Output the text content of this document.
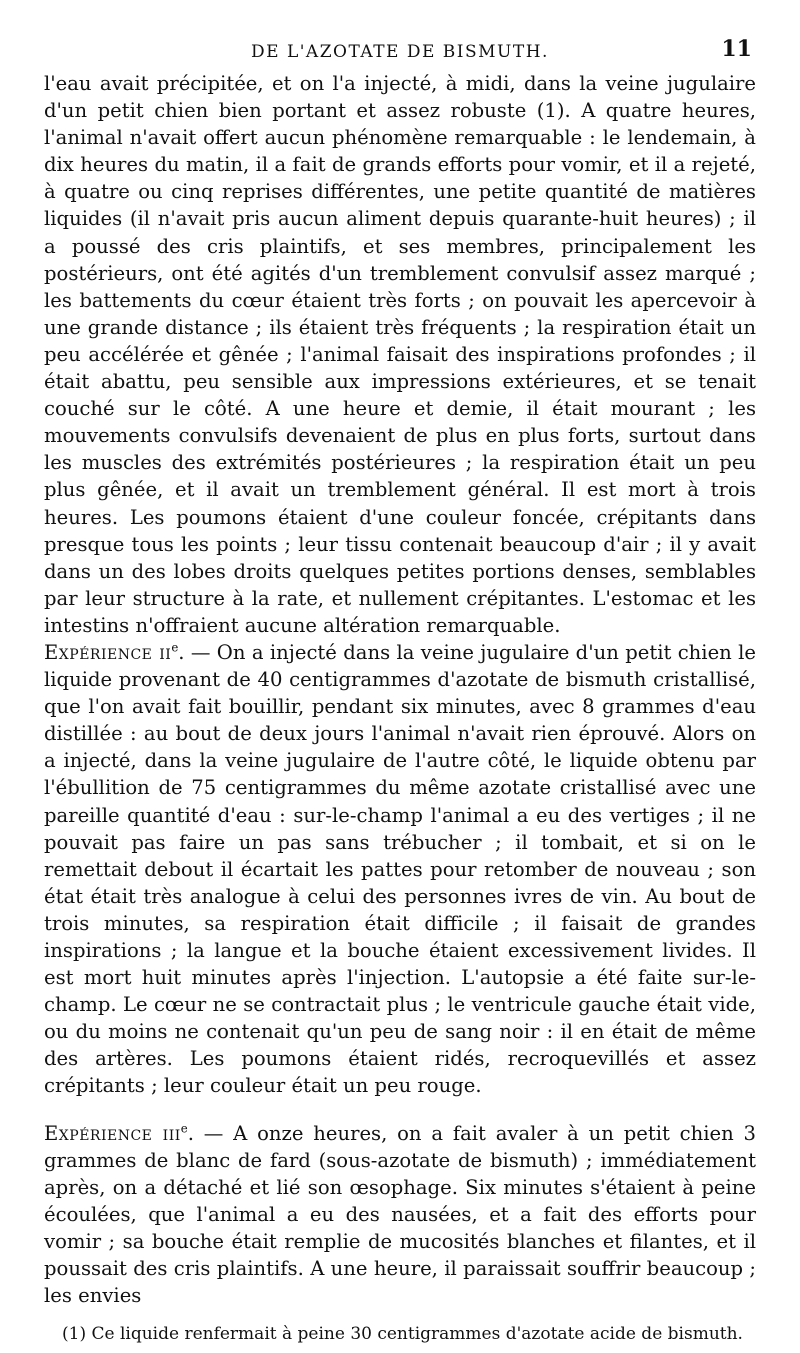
DE L'AZOTATE DE BISMUTH.	11

l'eau avait précipitée, et on l'a injecté, à midi, dans la veine jugulaire d'un petit chien bien portant et assez robuste (1). A quatre heures, l'animal n'avait offert aucun phénomène remarquable : le lendemain, à dix heures du matin, il a fait de grands efforts pour vomir, et il a rejeté, à quatre ou cinq reprises différentes, une petite quantité de matières liquides (il n'avait pris aucun aliment depuis quarante-huit heures) ; il a poussé des cris plaintifs, et ses membres, principalement les postérieurs, ont été agités d'un tremblement convulsif assez marqué ; les battements du cœur étaient très forts ; on pouvait les apercevoir à une grande distance ; ils étaient très fréquents ; la respiration était un peu accélérée et gênée ; l'animal faisait des inspirations profondes ; il était abattu, peu sensible aux impressions extérieures, et se tenait couché sur le côté. A une heure et demie, il était mourant ; les mouvements convulsifs devenaient de plus en plus forts, surtout dans les muscles des extrémités postérieures ; la respiration était un peu plus gênée, et il avait un tremblement général. Il est mort à trois heures. Les poumons étaient d'une couleur foncée, crépitants dans presque tous les points ; leur tissu contenait beaucoup d'air ; il y avait dans un des lobes droits quelques petites portions denses, semblables par leur structure à la rate, et nullement crépitantes. L'estomac et les intestins n'offraient aucune altération remarquable.

Expérience $ii^e$. — On a injecté dans la veine jugulaire d'un petit chien le liquide provenant de 40 centigrammes d'azotate de bismuth cristallisé, que l'on avait fait bouillir, pendant six minutes, avec 8 grammes d'eau distillée : au bout de deux jours l'animal n'avait rien éprouvé. Alors on a injecté, dans la veine jugulaire de l'autre côté, le liquide obtenu par l'ébullition de 75 centigrammes du même azotate cristallisé avec une pareille quantité d'eau : sur-le-champ l'animal a eu des vertiges ; il ne pouvait pas faire un pas sans trébucher ; il tombait, et si on le remettait debout il écartait les pattes pour retomber de nouveau ; son état était très analogue à celui des personnes ivres de vin. Au bout de trois minutes, sa respiration était difficile ; il faisait de grandes inspirations ; la langue et la bouche étaient excessivement livides. Il est mort huit minutes après l'injection. L'autopsie a été faite sur-le-champ. Le cœur ne se contractait plus ; le ventricule gauche était vide, ou du moins ne contenait qu'un peu de sang noir : il en était de même des artères. Les poumons étaient ridés, recroquevillés et assez crépitants ; leur couleur était un peu rouge.

Expérience iii$^e$. — A onze heures, on a fait avaler à un petit chien 3 grammes de blanc de fard (sous-azotate de bismuth) ; immédiatement après, on a détaché et lié son œsophage. Six minutes s'étaient à peine écoulées, que l'animal a eu des nausées, et a fait des efforts pour vomir ; sa bouche était remplie de mucosités blanches et filantes, et il poussait des cris plaintifs. A une heure, il paraissait souffrir beaucoup ; les envies

(1) Ce liquide renfermait à peine 30 centigrammes d'azotate acide de bismuth.
